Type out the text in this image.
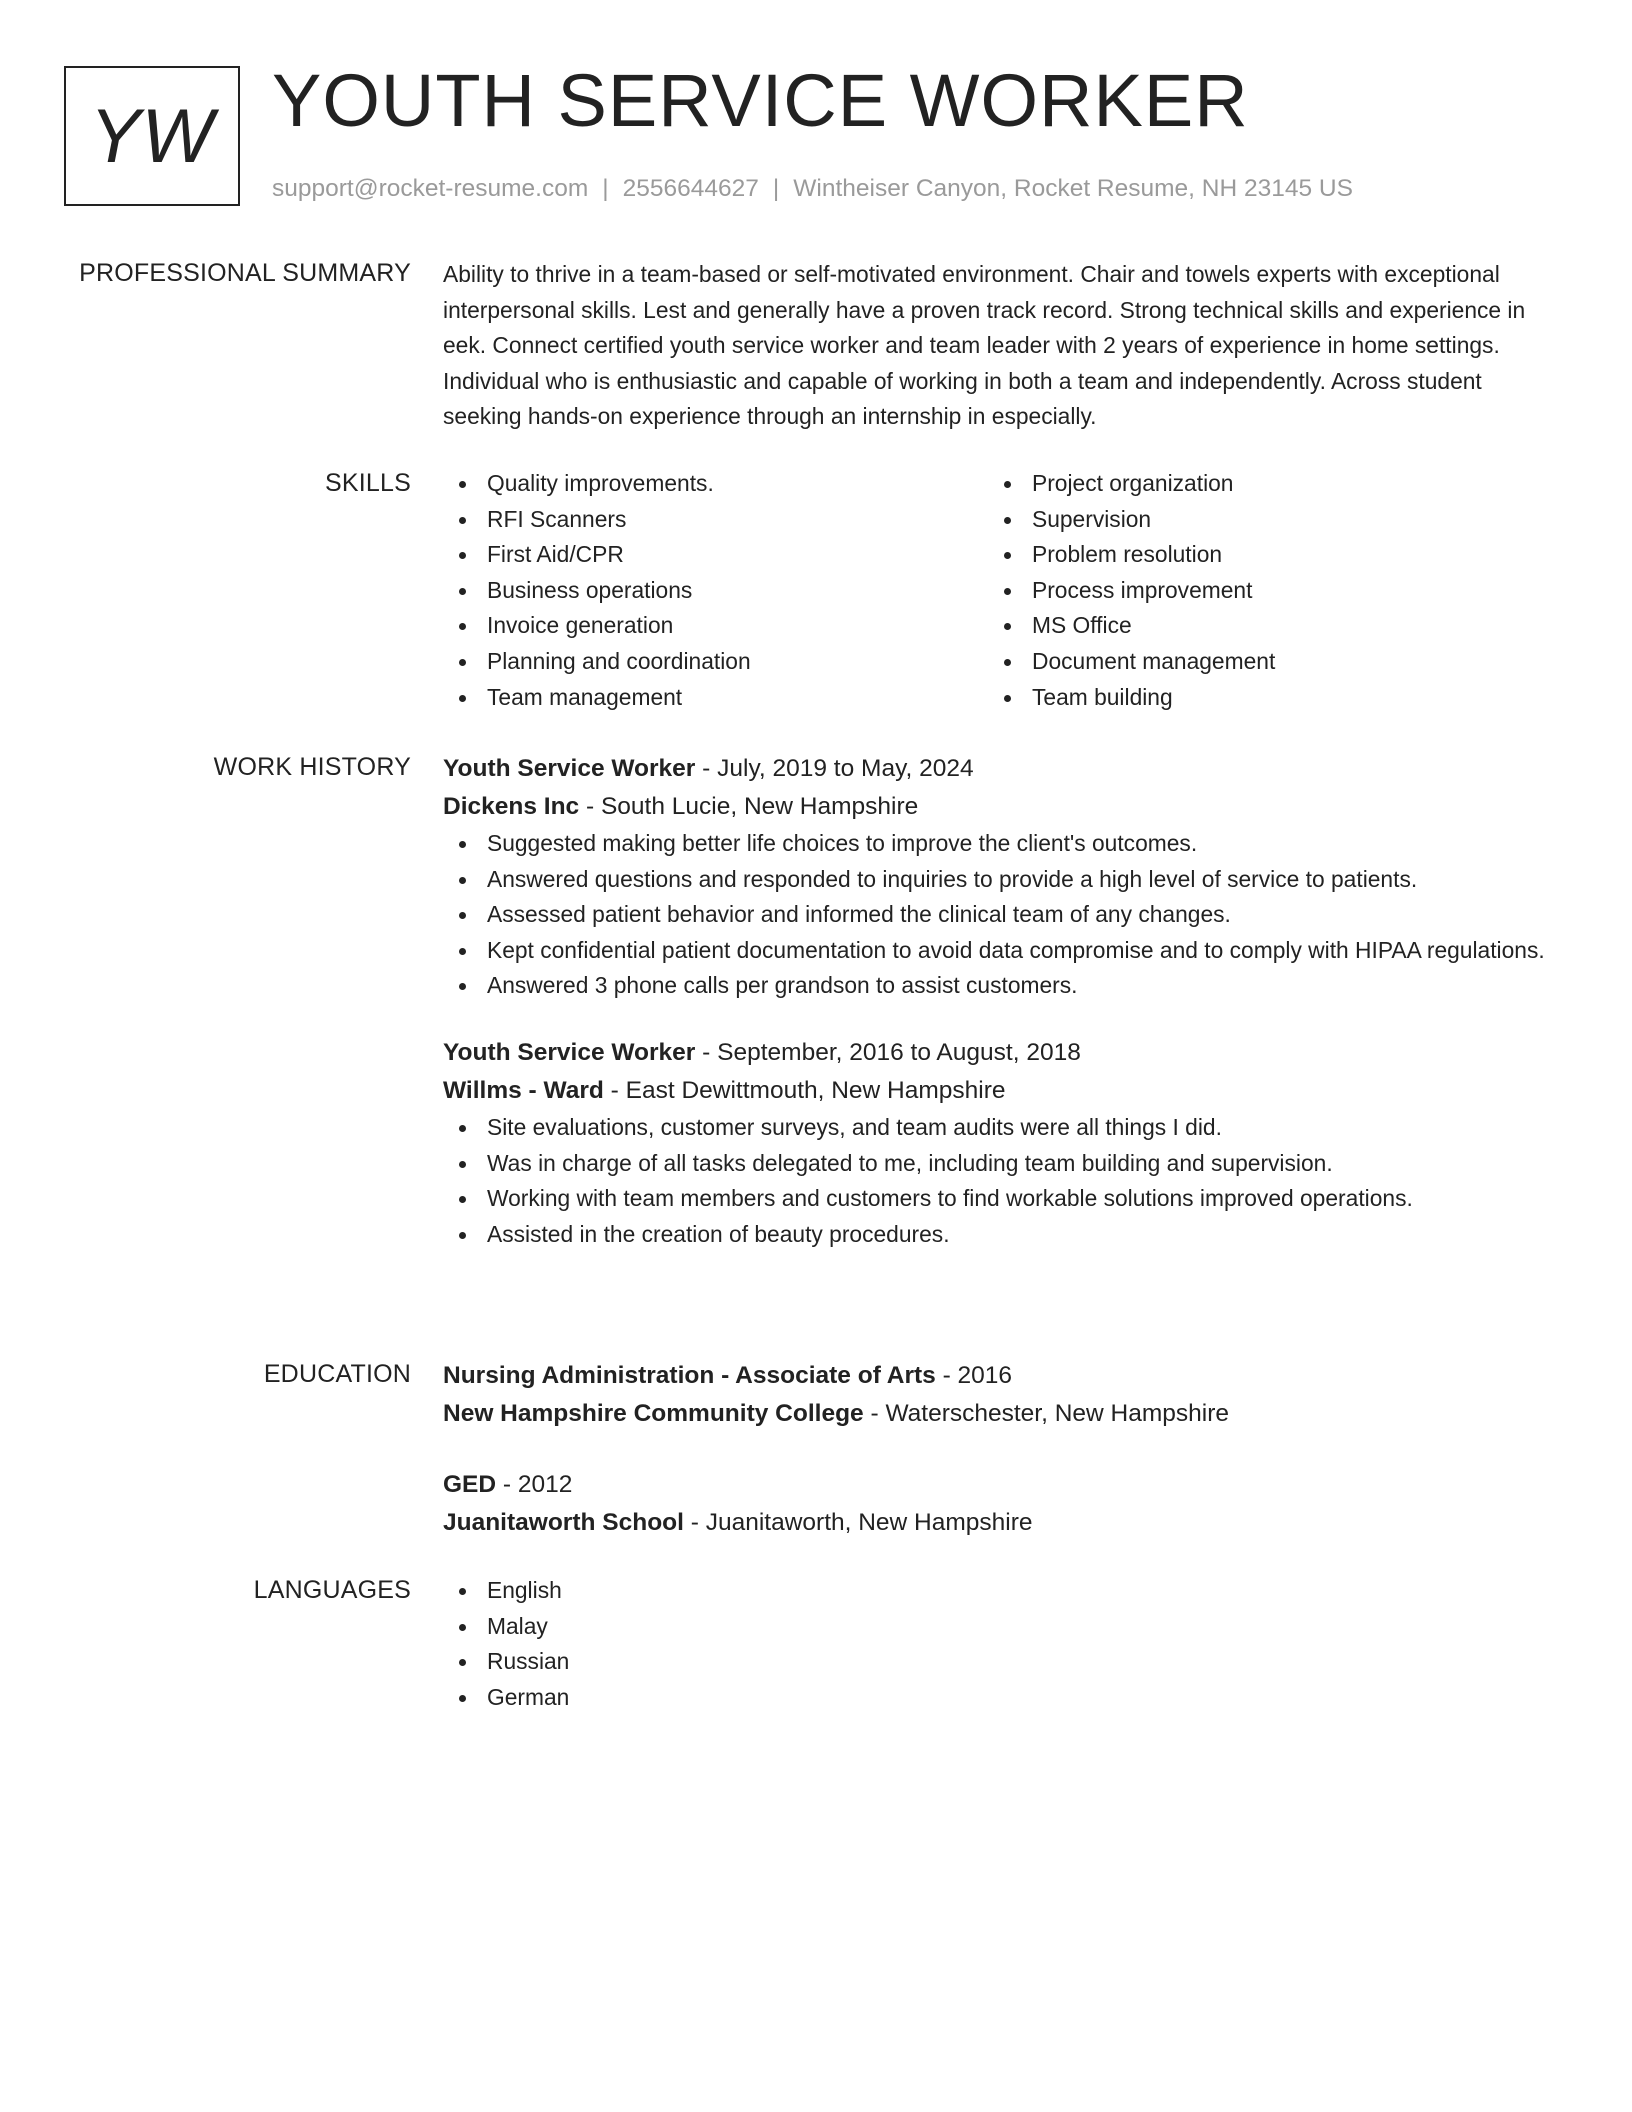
YW YOUTH SERVICE WORKER
support@rocket-resume.com | 2556644627 | Wintheiser Canyon, Rocket Resume, NH 23145 US
PROFESSIONAL SUMMARY Ability to thrive in a team-based or self-motivated environment. Chair and towels experts with exceptional interpersonal skills. Lest and generally have a proven track record. Strong technical skills and experience in eek. Connect certified youth service worker and team leader with 2 years of experience in home settings. Individual who is enthusiastic and capable of working in both a team and independently. Across student seeking hands-on experience through an internship in especially.

SKILLS	Quality improvements.
RFI Scanners
First Aid/CPR
Business operations
Invoice generation
Planning and coordination
Team management
Project organization
Supervision
Problem resolution
Process improvement
MS Office
Document management
Team building
WORK HISTORY Youth Service Worker - July, 2019 to May, 2024
Dickens Inc - South Lucie, New Hampshire
Suggested making better life choices to improve the client's outcomes.
Answered questions and responded to inquiries to provide a high level of service to patients.
Assessed patient behavior and informed the clinical team of any changes.
Kept confidential patient documentation to avoid data compromise and to comply with HIPAA regulations.
Answered 3 phone calls per grandson to assist customers.
Youth Service Worker - September, 2016 to August, 2018
Willms - Ward - East Dewittmouth, New Hampshire
Site evaluations, customer surveys, and team audits were all things I did.
Was in charge of all tasks delegated to me, including team building and supervision.
Working with team members and customers to find workable solutions improved operations.
Assisted in the creation of beauty procedures.
EDUCATION Nursing Administration - Associate of Arts - 2016
New Hampshire Community College - Waterschester, New Hampshire
GED - 2012
Juanitaworth School - Juanitaworth, New Hampshire
LANGUAGES	English
Malay
Russian
German
